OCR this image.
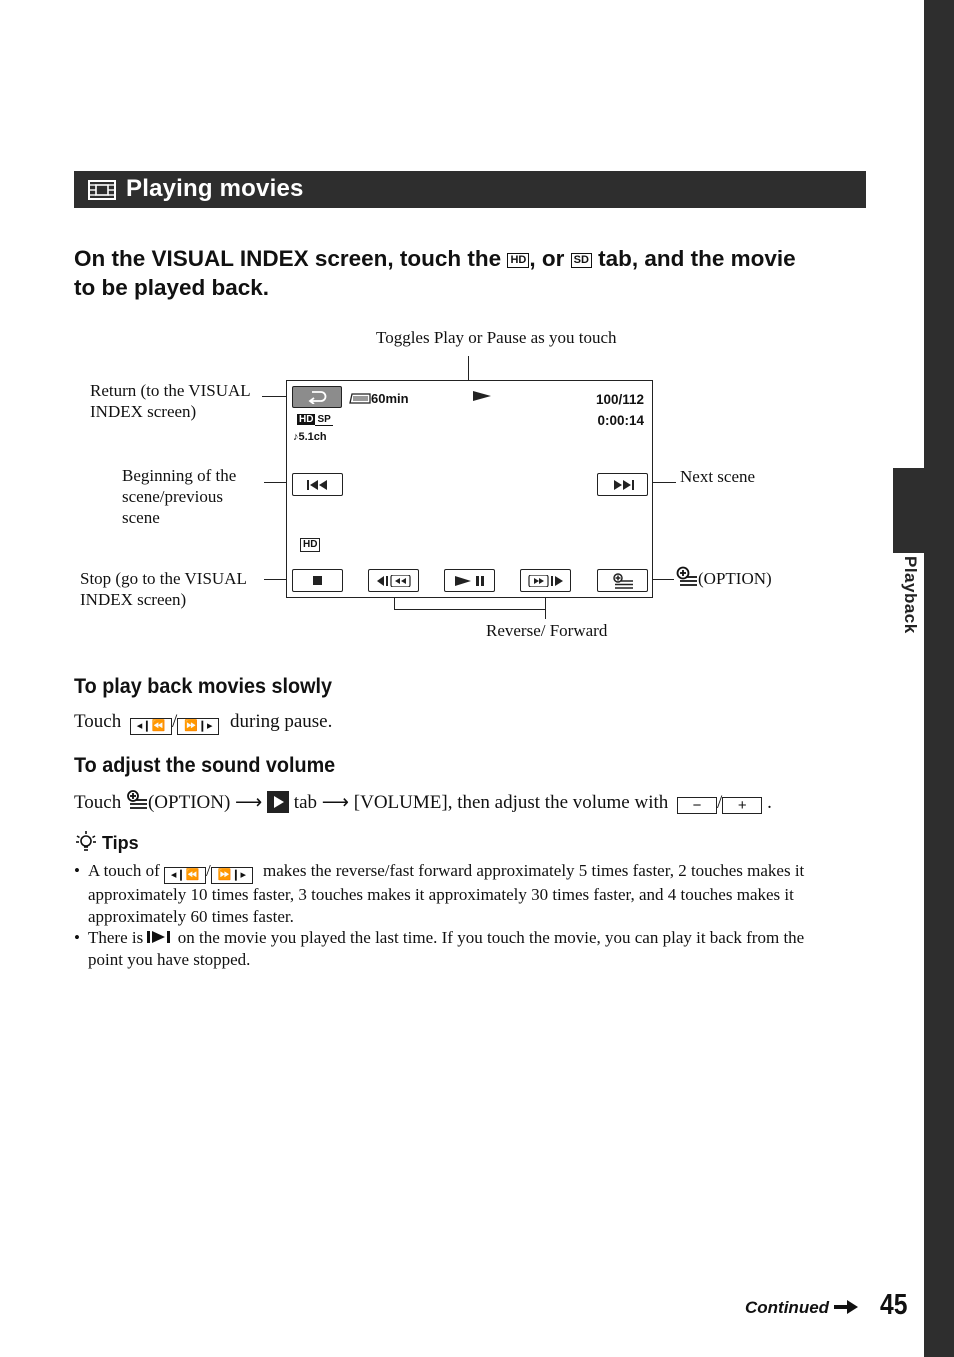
Playback
Playing movies
On the VISUAL INDEX screen, touch the HD , or SD tab, and the movie
to be played back.
Toggles Play or Pause as you touch
Return (to the VISUAL
INDEX screen)
Beginning of the
scene/previous
scene
Stop (go to the VISUAL
INDEX screen)
Next scene
(OPTION)
Reverse/ Forward
60min	100/112
0:00:14
HD SP
♪5.1ch
HD
To play back movies slowly
Touch ◂❙⏪ / ⏩❙▸ during pause.
To adjust the sound volume
Touch (OPTION) ⟶ tab ⟶ [VOLUME], then adjust the volume with − / + .
Tips
• A touch of ◂❙⏪ / ⏩❙▸ makes the reverse/fast forward approximately 5 times faster, 2 touches makes it
approximately 10 times faster, 3 touches makes it approximately 30 times faster, and 4 touches makes it
approximately 60 times faster.
• There is on the movie you played the last time. If you touch the movie, you can play it back from the
point you have stopped.
Continued	45
